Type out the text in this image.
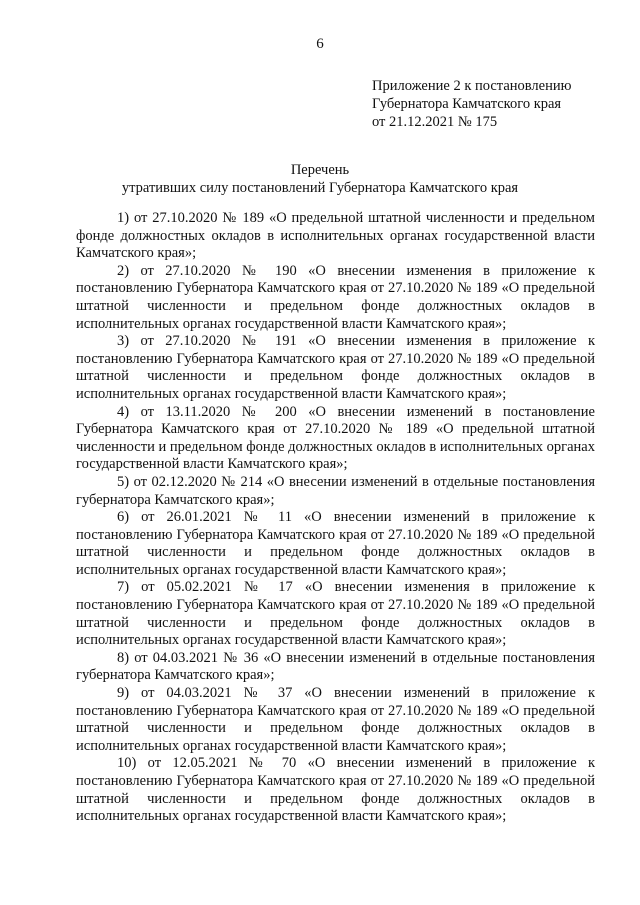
6
Приложение 2 к постановлению
Губернатора Камчатского края
от 21.12.2021 № 175
Перечень
утративших силу постановлений Губернатора Камчатского края

1) от 27.10.2020 № 189 «О предельной штатной численности и предельном фонде должностных окладов в исполнительных органах государственной власти Камчатского края»;

2) от 27.10.2020 № 190 «О внесении изменения в приложение к постановлению Губернатора Камчатского края от 27.10.2020 № 189 «О предельной штатной численности и предельном фонде должностных окладов в исполнительных органах государственной власти Камчатского края»;

3) от 27.10.2020 № 191 «О внесении изменения в приложение к постановлению Губернатора Камчатского края от 27.10.2020 № 189 «О предельной штатной численности и предельном фонде должностных окладов в исполнительных органах государственной власти Камчатского края»;

4) от 13.11.2020 № 200 «О внесении изменений в постановление Губернатора Камчатского края от 27.10.2020 № 189 «О предельной штатной численности и предельном фонде должностных окладов в исполнительных органах государственной власти Камчатского края»;

5) от 02.12.2020 № 214 «О внесении изменений в отдельные постановления губернатора Камчатского края»;

6) от 26.01.2021 № 11 «О внесении изменений в приложение к постановлению Губернатора Камчатского края от 27.10.2020 № 189 «О предельной штатной численности и предельном фонде должностных окладов в исполнительных органах государственной власти Камчатского края»;

7) от 05.02.2021 № 17 «О внесении изменения в приложение к постановлению Губернатора Камчатского края от 27.10.2020 № 189 «О предельной штатной численности и предельном фонде должностных окладов в исполнительных органах государственной власти Камчатского края»;

8) от 04.03.2021 № 36 «О внесении изменений в отдельные постановления губернатора Камчатского края»;

9) от 04.03.2021 № 37 «О внесении изменений в приложение к постановлению Губернатора Камчатского края от 27.10.2020 № 189 «О предельной штатной численности и предельном фонде должностных окладов в исполнительных органах государственной власти Камчатского края»;

10) от 12.05.2021 № 70 «О внесении изменений в приложение к постановлению Губернатора Камчатского края от 27.10.2020 № 189 «О предельной штатной численности и предельном фонде должностных окладов в исполнительных органах государственной власти Камчатского края»;
